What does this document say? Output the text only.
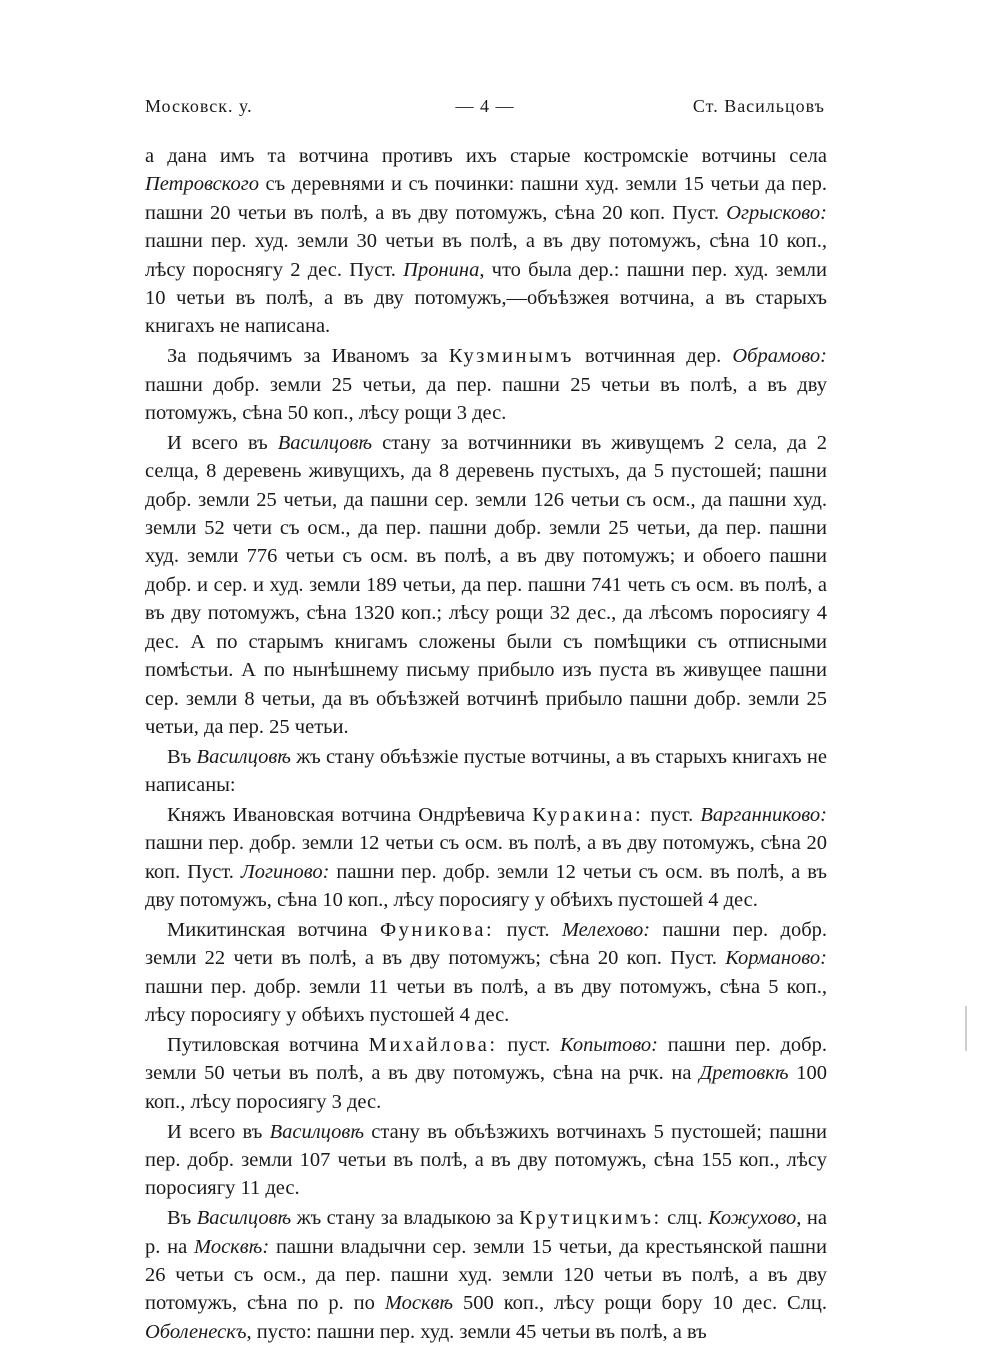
Московск. у.	— 4 —	Ст. Васильцовъ

а дана имъ та вотчина противъ ихъ старые костромскіе вотчины села Петровского съ деревнями и съ починки: пашни худ. земли 15 четьи да пер. пашни 20 четьи въ полѣ, а въ дву потомужъ, сѣна 20 коп. Пуст. Огрысково: пашни пер. худ. земли 30 четьи въ полѣ, а въ дву потомужъ, сѣна 10 коп., лѣсу пороснягу 2 дес. Пуст. Пронина, что была дер.: пашни пер. худ. земли 10 четьи въ полѣ, а въ дву потомужъ,—объѣзжея вотчина, а въ старыхъ книгахъ не написана.

За подьячимъ за Иваномъ за Кузминымъ вотчинная дер. Обрамово: пашни добр. земли 25 четьи, да пер. пашни 25 четьи въ полѣ, а въ дву потомужъ, сѣна 50 коп., лѣсу рощи 3 дес.

И всего въ Василцовѣ стану за вотчинники въ живущемъ 2 села, да 2 селца, 8 деревень живущихъ, да 8 деревень пустыхъ, да 5 пустошей; пашни добр. земли 25 четьи, да пашни сер. земли 126 четьи съ осм., да пашни худ. земли 52 чети съ осм., да пер. пашни добр. земли 25 четьи, да пер. пашни худ. земли 776 четьи съ осм. въ полѣ, а въ дву потомужъ; и обоего пашни добр. и сер. и худ. земли 189 четьи, да пер. пашни 741 четь съ осм. въ полѣ, а въ дву потомужъ, сѣна 1320 коп.; лѣсу рощи 32 дес., да лѣсомъ поросиягу 4 дес. А по старымъ книгамъ сложены были съ помѣщики съ отписными помѣстьи. А по нынѣшнему письму прибыло изъ пуста въ живущее пашни сер. земли 8 четьи, да въ объѣзжей вотчинѣ прибыло пашни добр. земли 25 четьи, да пер. 25 четьи.

Въ Василцовѣ жъ стану объѣзжіе пустые вотчины, а въ старыхъ книгахъ не написаны:

Княжъ Ивановская вотчина Ондрѣевича Куракина: пуст. Варганниково: пашни пер. добр. земли 12 четьи съ осм. въ полѣ, а въ дву потомужъ, сѣна 20 коп. Пуст. Логиново: пашни пер. добр. земли 12 четьи съ осм. въ полѣ, а въ дву потомужъ, сѣна 10 коп., лѣсу поросиягу у обѣихъ пустошей 4 дес.

Микитинская вотчина Фуникова: пуст. Мелехово: пашни пер. добр. земли 22 чети въ полѣ, а въ дву потомужъ; сѣна 20 коп. Пуст. Корманово: пашни пер. добр. земли 11 четьи въ полѣ, а въ дву потомужъ, сѣна 5 коп., лѣсу поросиягу у обѣихъ пустошей 4 дес.

Путиловская вотчина Михайлова: пуст. Копытово: пашни пер. добр. земли 50 четьи въ полѣ, а въ дву потомужъ, сѣна на рчк. на Дретовкѣ 100 коп., лѣсу поросиягу 3 дес.

И всего въ Василцовѣ стану въ объѣзжихъ вотчинахъ 5 пустошей; пашни пер. добр. земли 107 четьи въ полѣ, а въ дву потомужъ, сѣна 155 коп., лѣсу поросиягу 11 дес.

Въ Василцовѣ жъ стану за владыкою за Крутицкимъ: слц. Кожухово, на р. на Москвѣ: пашни владычни сер. земли 15 четьи, да крестьянской пашни 26 четьи съ осм., да пер. пашни худ. земли 120 четьи въ полѣ, а въ дву потомужъ, сѣна по р. по Москвѣ 500 коп., лѣсу рощи бору 10 дес. Слц. Оболенескъ, пусто: пашни пер. худ. земли 45 четьи въ полѣ, а въ
